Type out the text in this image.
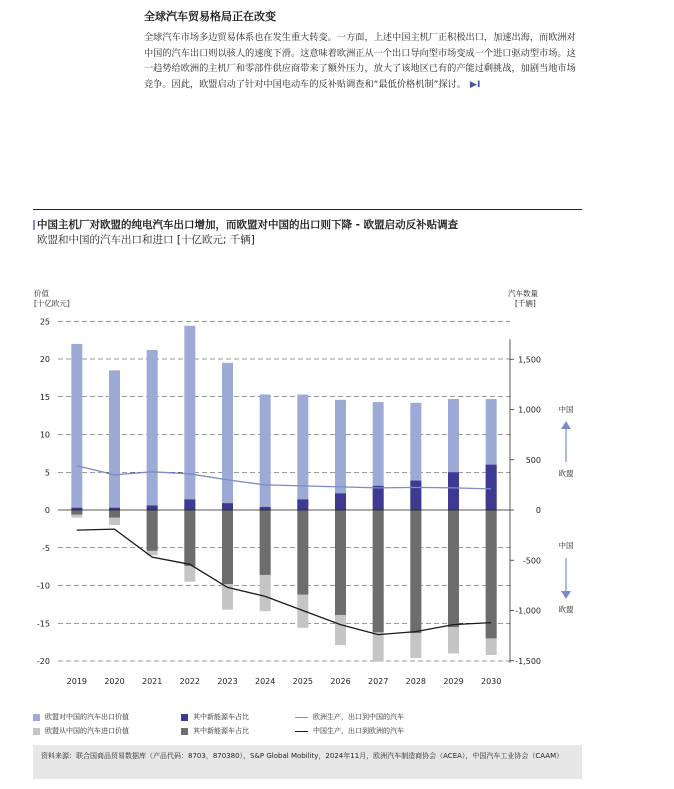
全球汽车贸易格局正在改变

全球汽车市场多边贸易体系也在发生重大转变。一方面，上述中国主机厂正积极出口，加速出海，而欧洲对中国的汽车出口则以骇人的速度下滑。这意味着欧洲正从一个出口导向型市场变成一个进口驱动型市场。这一趋势给欧洲的主机厂和零部件供应商带来了额外压力，放大了该地区已有的产能过剩挑战，加剧当地市场竞争。因此，欧盟启动了针对中国电动车的反补贴调查和“最低价格机制”探讨。 ▶I

中国主机厂对欧盟的纯电汽车出口增加，而欧盟对中国的出口则下降 - 欧盟启动反补贴调查

欧盟和中国的汽车出口和进口 [十亿欧元; 千辆]

价值
[十亿欧元]
25
20
15
10
5
0
-5
-10
-15
-20
汽车数量
[千辆]
1,500
1,000
500
0
-500
-1,000
-1,500
2019 2020 2021 2022 2023 2024 2025 2026 2027 2028 2029 2030
中国
欧盟
中国
欧盟
欧盟对中国的汽车出口价值	其中新能源车占比	欧洲生产，出口到中国的汽车
欧盟从中国的汽车进口价值	其中新能源车占比	中国生产，出口到欧洲的汽车
资料来源：联合国商品贸易数据库（产品代码：8703，870380），S&P Global Mobility，2024年11月，欧洲汽车制造商协会（ACEA），中国汽车工业协会（CAAM）
